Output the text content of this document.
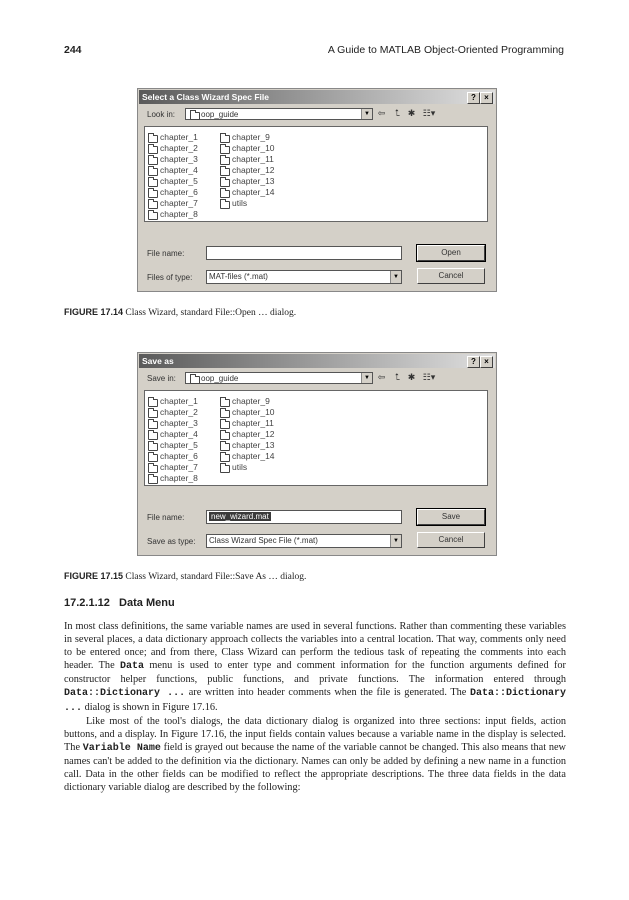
244	A Guide to MATLAB Object-Oriented Programming
Select a Class Wizard Spec File	?	×
Look in:	oop_guide	▼ ⇦	⮤ ✱ ☷▾
chapter_1
chapter_2
chapter_3
chapter_4
chapter_5
chapter_6
chapter_7
chapter_8
chapter_9
chapter_10
chapter_11
chapter_12
chapter_13
chapter_14
utils
File name:	Open
Files of type:	MAT-files (*.mat)	▼	Cancel
FIGURE 17.14 Class Wizard, standard File::Open … dialog.
Save as	?	×
Save in:	oop_guide	▼ ⇦	⮤ ✱ ☷▾
chapter_1
chapter_2
chapter_3
chapter_4
chapter_5
chapter_6
chapter_7
chapter_8
chapter_9
chapter_10
chapter_11
chapter_12
chapter_13
chapter_14
utils
File name:	new_wizard.mat	Save
Save as type:	Class Wizard Spec File (*.mat)	▼	Cancel
FIGURE 17.15 Class Wizard, standard File::Save As … dialog.
17.2.1.12 Data Menu

In most class definitions, the same variable names are used in several functions. Rather than commenting these variables in several places, a data dictionary approach collects the variables into a central location. That way, comments only need to be entered once; and from there, Class Wizard can perform the tedious task of repeating the comments into each header. The Data menu is used to enter type and comment information for the function arguments defined for constructor helper functions, public functions, and private functions. The information entered through Data::Dictionary ... are written into header comments when the file is generated. The Data::Dictionary ... dialog is shown in Figure 17.16.

Like most of the tool's dialogs, the data dictionary dialog is organized into three sections: input fields, action buttons, and a display. In Figure 17.16, the input fields contain values because a variable name in the display is selected. The Variable Name field is grayed out because the name of the variable cannot be changed. This also means that new names can't be added to the definition via the dictionary. Names can only be added by defining a new name in a function call. Data in the other fields can be modified to reflect the appropriate descriptions. The three data fields in the data dictionary variable dialog are described by the following:
